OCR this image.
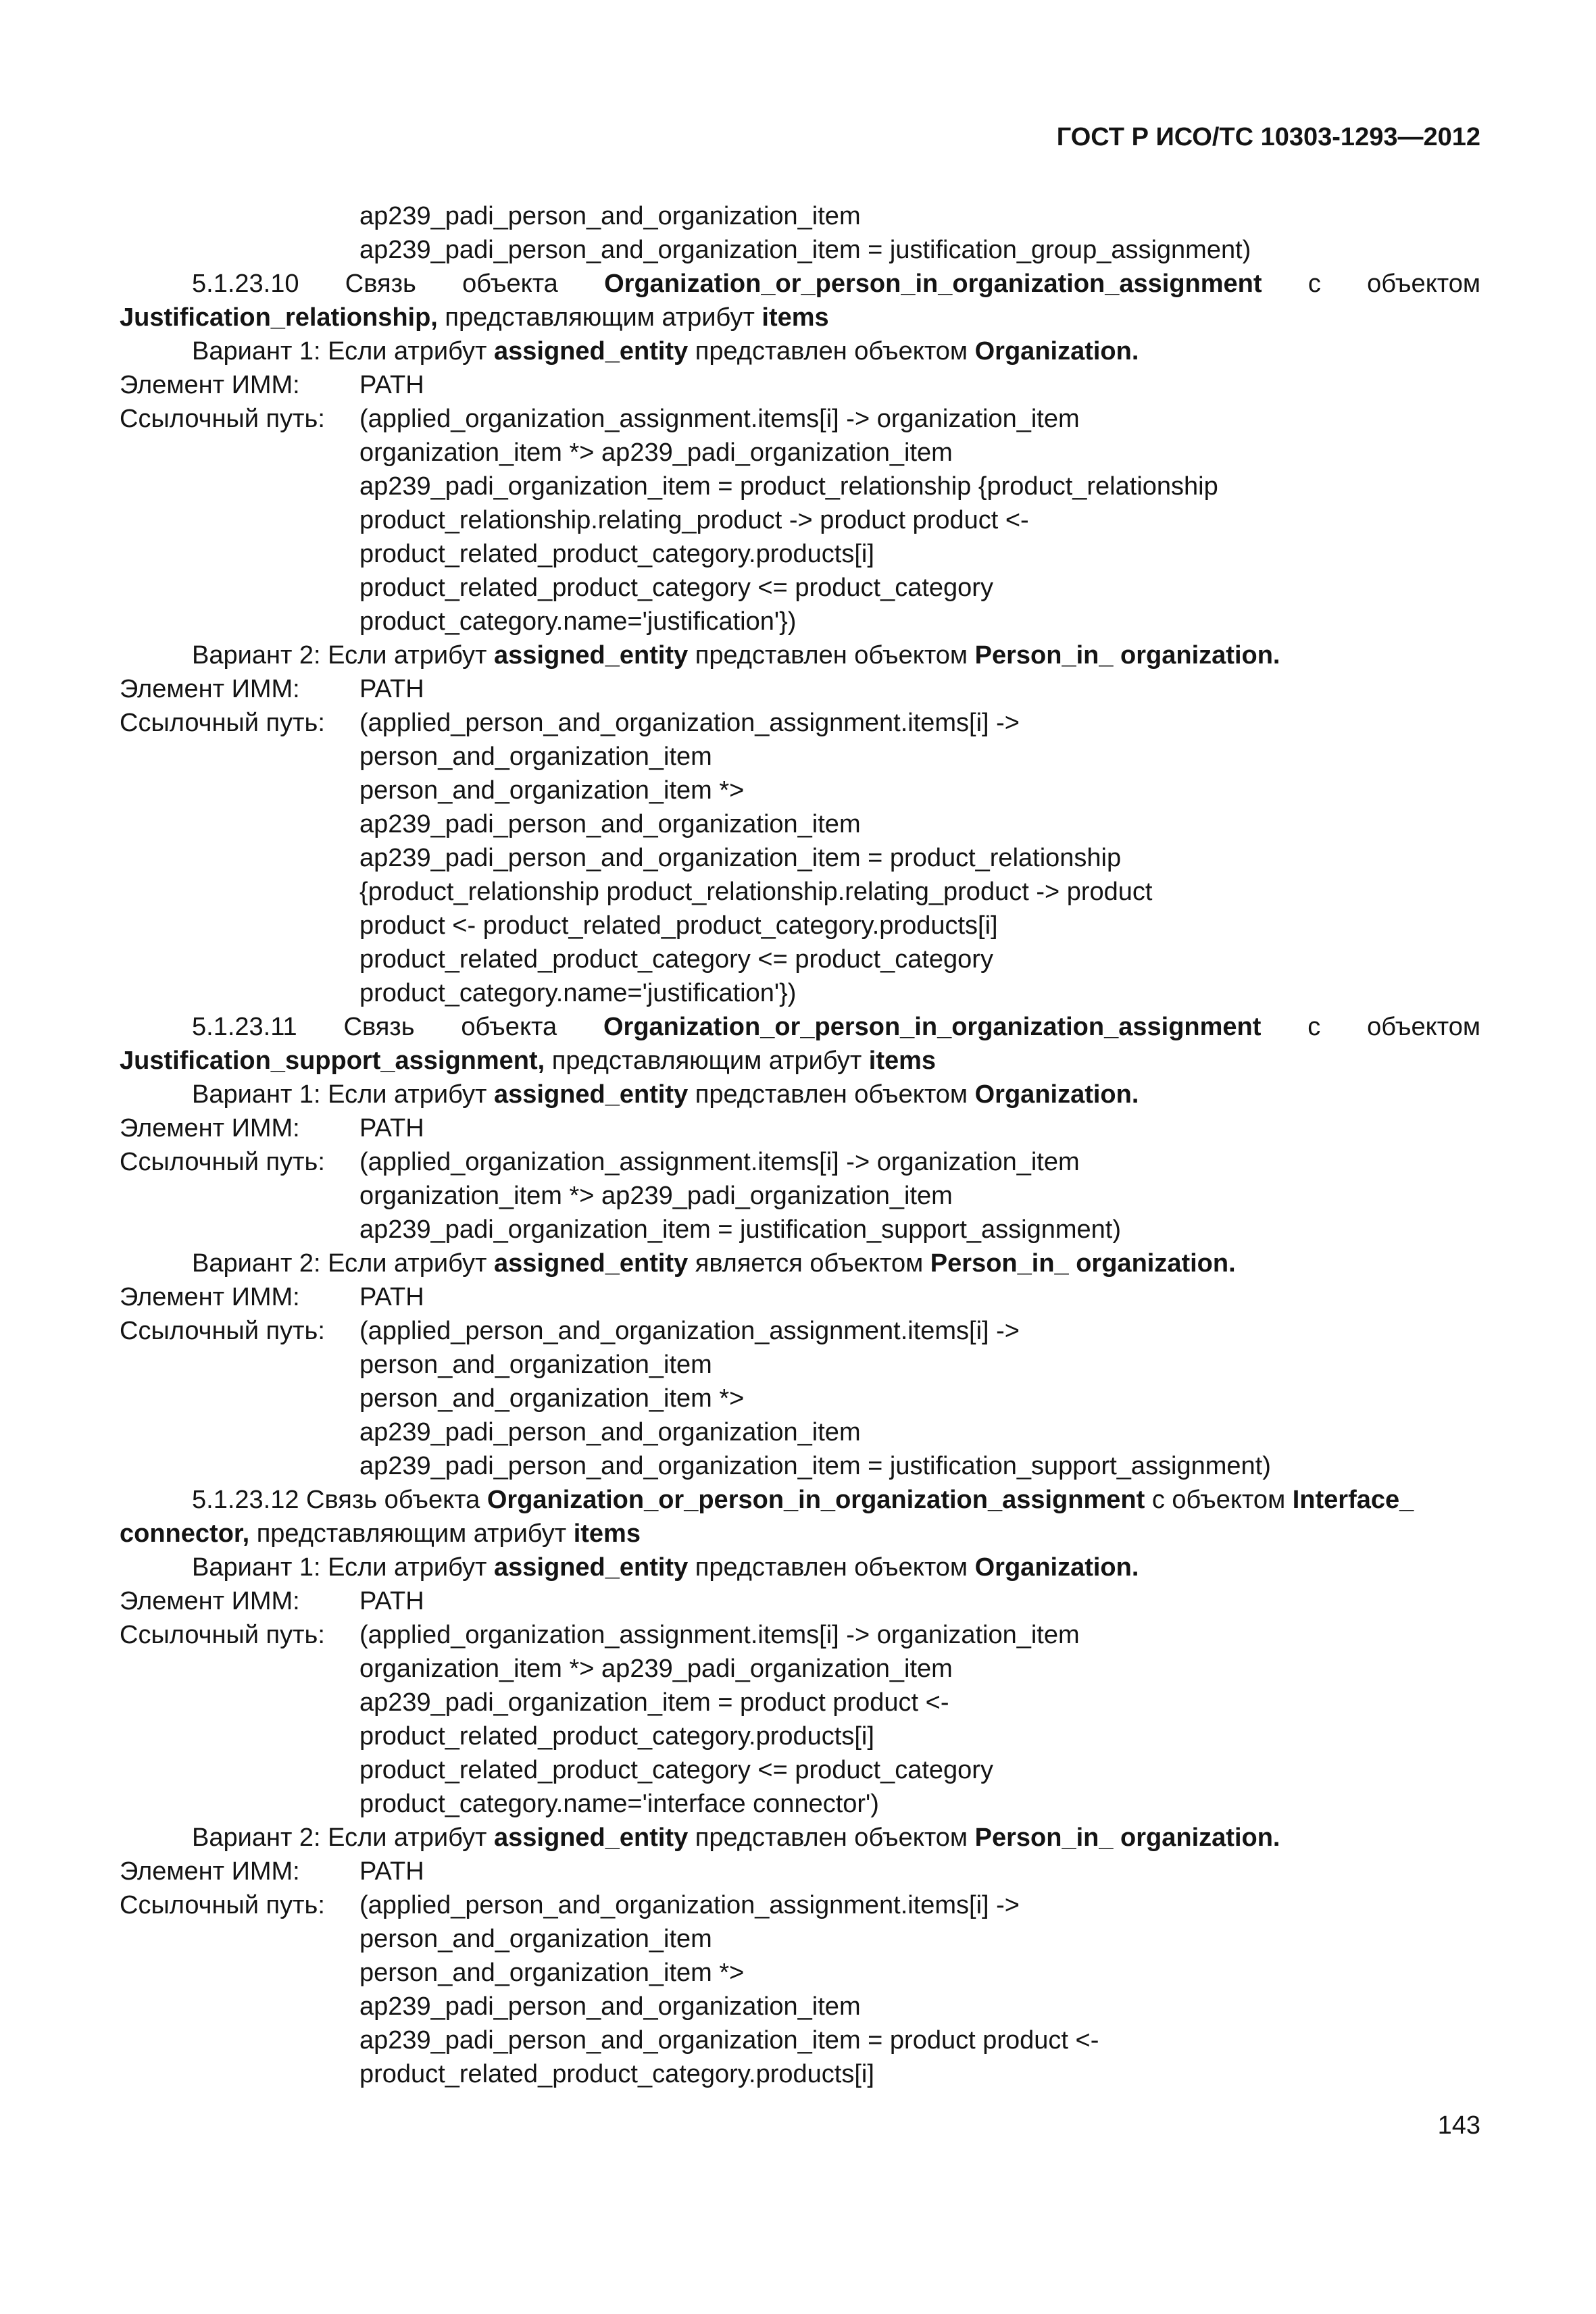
ГОСТ Р ИСО/ТС 10303-1293—2012
ap239_padi_person_and_organization_item
ap239_padi_person_and_organization_item = justification_group_assignment)
5.1.23.10 Связь объекта Organization_or_person_in_organization_assignment с объектом
Justification_relationship, представляющим атрибут items
Вариант 1: Если атрибут assigned_entity представлен объектом Organization.
Элемент ИММ:	PATH
Ссылочный путь:	(applied_organization_assignment.items[i] -> organization_item
organization_item *> ap239_padi_organization_item
ap239_padi_organization_item = product_relationship {product_relationship
product_relationship.relating_product -> product product <-
product_related_product_category.products[i]
product_related_product_category <= product_category
product_category.name='justification'})
Вариант 2: Если атрибут assigned_entity представлен объектом Person_in_ organization.
Элемент ИММ:	PATH
Ссылочный путь:	(applied_person_and_organization_assignment.items[i] ->
person_and_organization_item
person_and_organization_item *>
ap239_padi_person_and_organization_item
ap239_padi_person_and_organization_item = product_relationship
{product_relationship product_relationship.relating_product -> product
product <- product_related_product_category.products[i]
product_related_product_category <= product_category
product_category.name='justification'})
5.1.23.11 Связь объекта Organization_or_person_in_organization_assignment с объектом
Justification_support_assignment, представляющим атрибут items
Вариант 1: Если атрибут assigned_entity представлен объектом Organization.
Элемент ИММ:	PATH
Ссылочный путь:	(applied_organization_assignment.items[i] -> organization_item
organization_item *> ap239_padi_organization_item
ap239_padi_organization_item = justification_support_assignment)
Вариант 2: Если атрибут assigned_entity является объектом Person_in_ organization.
Элемент ИММ:	PATH
Ссылочный путь:	(applied_person_and_organization_assignment.items[i] ->
person_and_organization_item
person_and_organization_item *>
ap239_padi_person_and_organization_item
ap239_padi_person_and_organization_item = justification_support_assignment)
5.1.23.12 Связь объекта Organization_or_person_in_organization_assignment с объектом Interface_
connector, представляющим атрибут items
Вариант 1: Если атрибут assigned_entity представлен объектом Organization.
Элемент ИММ:	PATH
Ссылочный путь:	(applied_organization_assignment.items[i] -> organization_item
organization_item *> ap239_padi_organization_item
ap239_padi_organization_item = product product <-
product_related_product_category.products[i]
product_related_product_category <= product_category
product_category.name='interface connector')
Вариант 2: Если атрибут assigned_entity представлен объектом Person_in_ organization.
Элемент ИММ:	PATH
Ссылочный путь:	(applied_person_and_organization_assignment.items[i] ->
person_and_organization_item
person_and_organization_item *>
ap239_padi_person_and_organization_item
ap239_padi_person_and_organization_item = product product <-
product_related_product_category.products[i]
143
